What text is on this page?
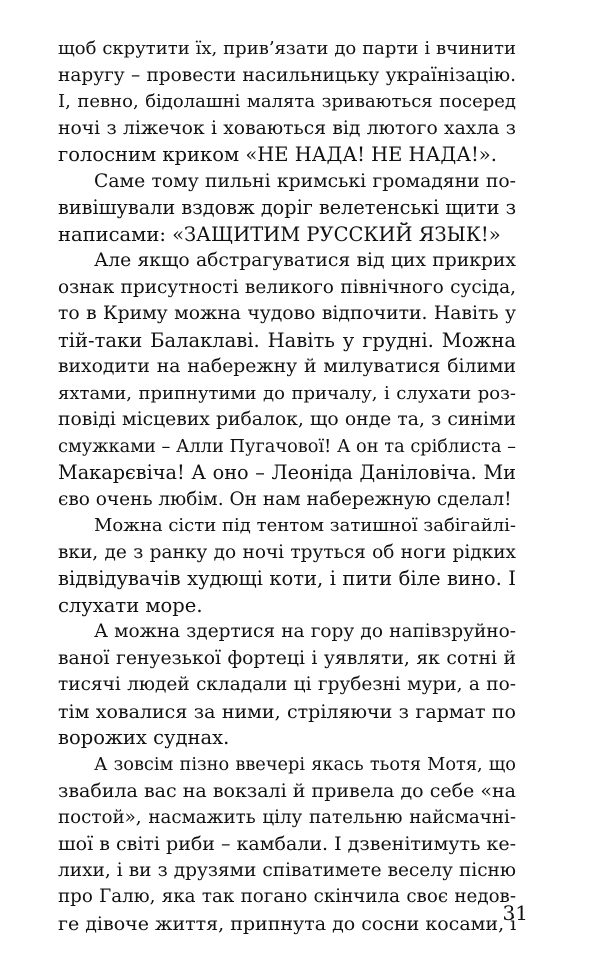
щоб скрутити їх, прив’язати до парти і вчинити
наругу – провести насильницьку українізацію.
І, певно, бідолашні малята зриваються посеред
ночі з ліжечок і ховаються від лютого хахла з
голосним криком «НЕ НАДА! НЕ НАДА!».
Саме тому пильні кримські громадяни по-
вивішували вздовж доріг велетенські щити з
написами: «ЗАЩИТИМ РУССКИЙ ЯЗЫК!»
Але якщо абстрагуватися від цих прикрих
ознак присутності великого північного сусіда,
то в Криму можна чудово відпочити. Навіть у
тій-таки Балаклаві. Навіть у грудні. Можна
виходити на набережну й милуватися білими
яхтами, припнутими до причалу, і слухати роз-
повіді місцевих рибалок, що онде та, з синіми
смужками – Алли Пугачової! А он та сріблиста –
Макарєвіча! А оно – Леоніда Даніловіча. Ми
єво очень любім. Он нам набережную сделал!
Можна сісти під тентом затишної забігайлі-
вки, де з ранку до ночі труться об ноги рідких
відвідувачів худющі коти, і пити біле вино. І
слухати море.
А можна здертися на гору до напівзруйно-
ваної генуезької фортеці і уявляти, як сотні й
тисячі людей складали ці грубезні мури, а по-
тім ховалися за ними, стріляючи з гармат по
ворожих суднах.
А зовсім пізно ввечері якась тьотя Мотя, що
звабила вас на вокзалі й привела до себе «на
постой», насмажить цілу пательню найсмачні-
шої в світі риби – камбали. І дзвенітимуть ке-
лихи, і ви з друзями співатимете веселу пісню
про Галю, яка так погано скінчила своє недов-
ге дівоче життя, припнута до сосни косами, і
31
